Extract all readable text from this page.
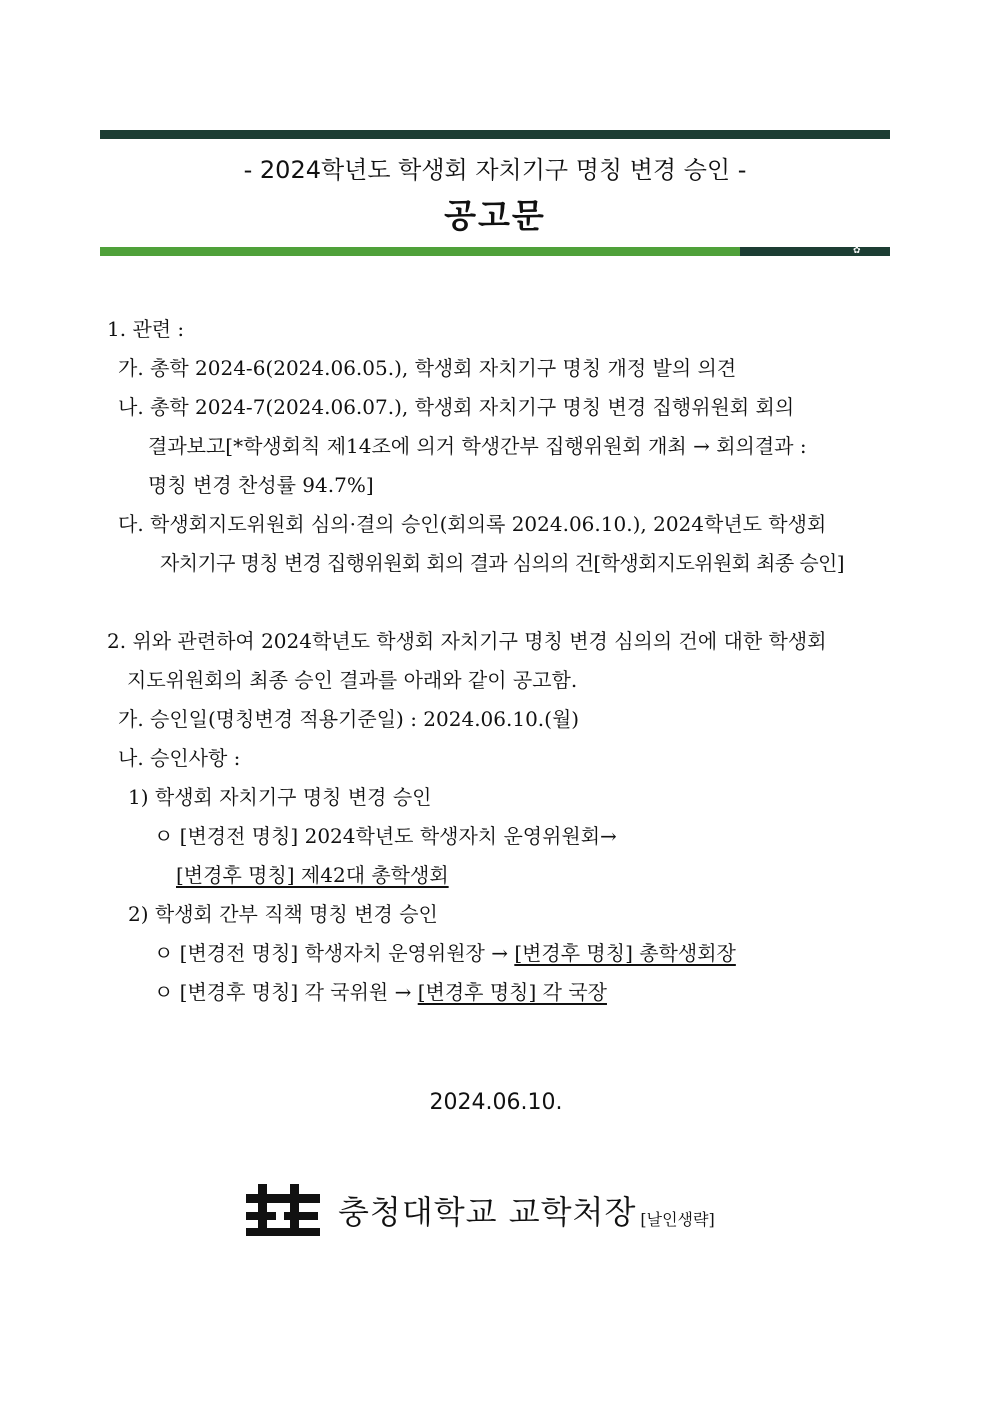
- 2024학년도 학생회 자치기구 명칭 변경 승인 -
공고문
✿
1. 관련 :
가. 총학 2024-6(2024.06.05.), 학생회 자치기구 명칭 개정 발의 의견
나. 총학 2024-7(2024.06.07.), 학생회 자치기구 명칭 변경 집행위원회 회의
결과보고[*학생회칙 제14조에 의거 학생간부 집행위원회 개최 → 회의결과 :
명칭 변경 찬성률 94.7%]
다. 학생회지도위원회 심의·결의 승인(회의록 2024.06.10.), 2024학년도 학생회
자치기구 명칭 변경 집행위원회 회의 결과 심의의 건[학생회지도위원회 최종 승인]
2. 위와 관련하여 2024학년도 학생회 자치기구 명칭 변경 심의의 건에 대한 학생회
지도위원회의 최종 승인 결과를 아래와 같이 공고함.
가. 승인일(명칭변경 적용기준일) : 2024.06.10.(월)
나. 승인사항 :
1) 학생회 자치기구 명칭 변경 승인
ㅇ [변경전 명칭] 2024학년도 학생자치 운영위원회→
[변경후 명칭] 제42대 총학생회
2) 학생회 간부 직책 명칭 변경 승인
ㅇ [변경전 명칭] 학생자치 운영위원장 → [변경후 명칭] 총학생회장
ㅇ [변경후 명칭] 각 국위원 → [변경후 명칭] 각 국장
2024.06.10.
충청대학교 교학처장 [날인생략]
